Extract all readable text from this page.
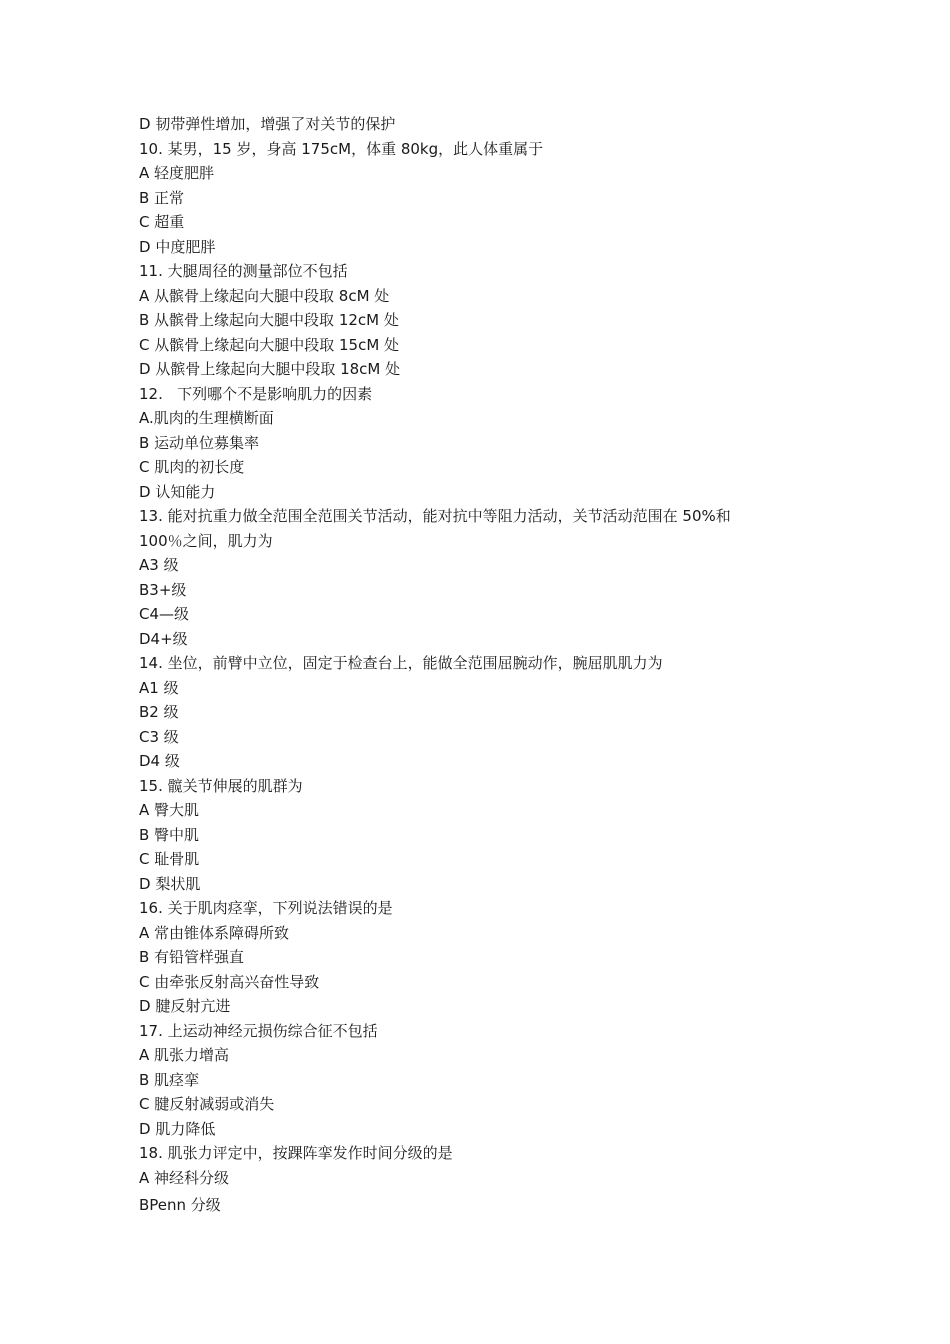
D 韧带弹性增加，增强了对关节的保护
10. 某男，15 岁，身高 175cM，体重 80kg，此人体重属于
A 轻度肥胖
B 正常
C 超重
D 中度肥胖
11. 大腿周径的测量部位不包括
A 从髌骨上缘起向大腿中段取 8cM 处
B 从髌骨上缘起向大腿中段取 12cM 处
C 从髌骨上缘起向大腿中段取 15cM 处
D 从髌骨上缘起向大腿中段取 18cM 处
12.   下列哪个不是影响肌力的因素
A.肌肉的生理横断面
B 运动单位募集率
C 肌肉的初长度
D 认知能力
13. 能对抗重力做全范围全范围关节活动，能对抗中等阻力活动，关节活动范围在 50%和
100％之间，肌力为
A3 级
B3+级
C4—级
D4+级
14. 坐位，前臂中立位，固定于检查台上，能做全范围屈腕动作，腕屈肌肌力为
A1 级
B2 级
C3 级
D4 级
15. 髋关节伸展的肌群为
A 臀大肌
B 臀中肌
C 耻骨肌
D 梨状肌
16. 关于肌肉痉挛，下列说法错误的是
A 常由锥体系障碍所致
B 有铅管样强直
C 由牵张反射高兴奋性导致
D 腱反射亢进
17. 上运动神经元损伤综合征不包括
A 肌张力增高
B 肌痉挛
C 腱反射减弱或消失
D 肌力降低
18. 肌张力评定中，按踝阵挛发作时间分级的是
A 神经科分级
BPenn 分级
